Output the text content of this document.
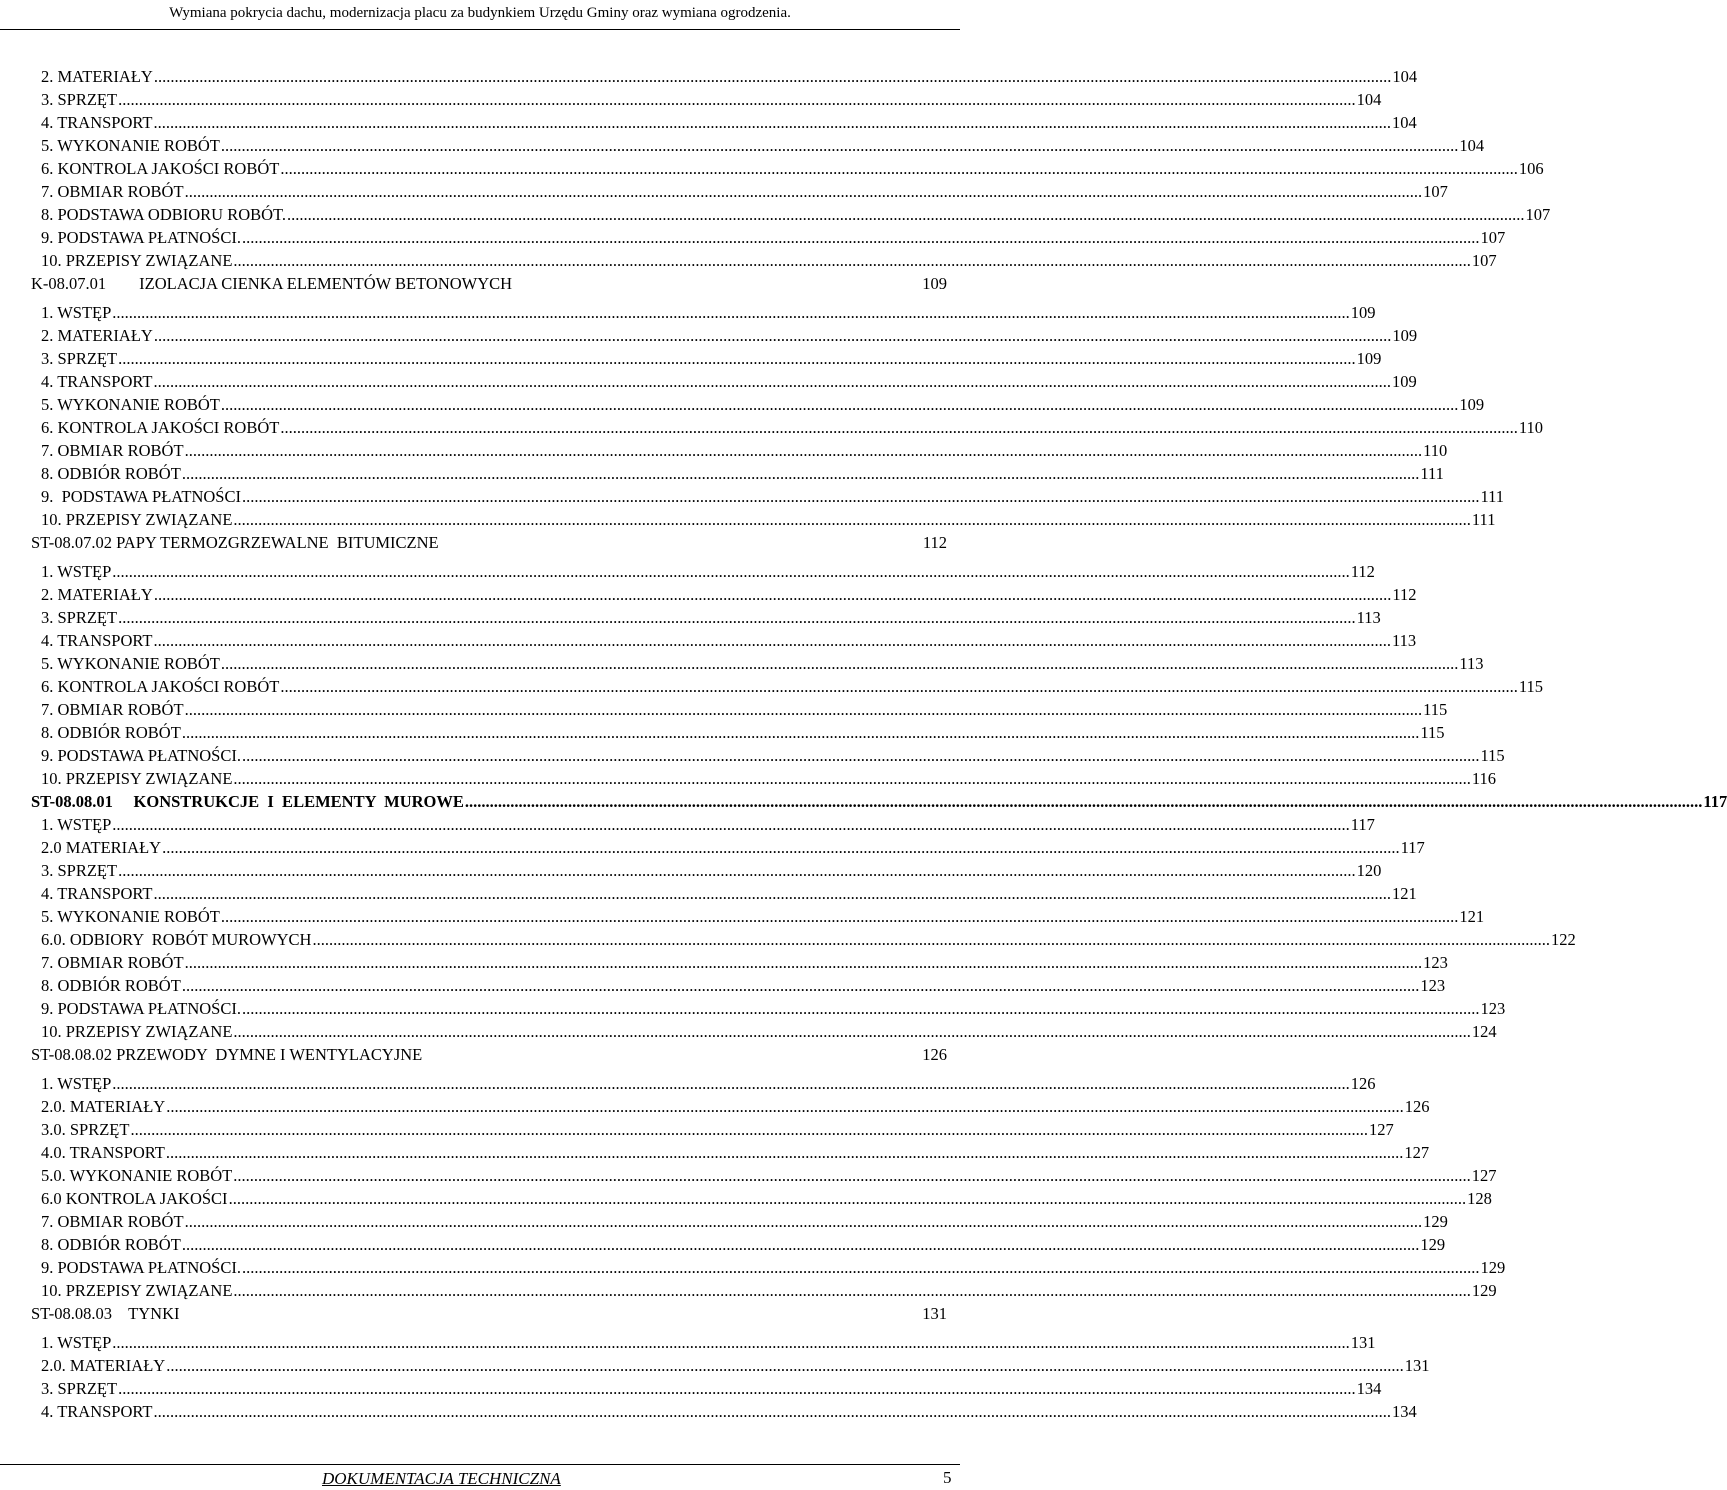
Wymiana pokrycia dachu, modernizacja placu za budynkiem Urzędu Gminy oraz wymiana ogrodzenia.
2. MATERIAŁY ............................................................................................................................................................................................................................................................................................................ 104
3. SPRZĘT ............................................................................................................................................................................................................................................................................................................ 104
4. TRANSPORT ............................................................................................................................................................................................................................................................................................................ 104
5. WYKONANIE ROBÓT ............................................................................................................................................................................................................................................................................................................ 104
6. KONTROLA JAKOŚCI ROBÓT ............................................................................................................................................................................................................................................................................................................ 106
7. OBMIAR ROBÓT ............................................................................................................................................................................................................................................................................................................ 107
8. PODSTAWA ODBIORU ROBÓT. ............................................................................................................................................................................................................................................................................................................ 107
9. PODSTAWA PŁATNOŚCI. ............................................................................................................................................................................................................................................................................................................ 107
10. PRZEPISY ZWIĄZANE ............................................................................................................................................................................................................................................................................................................ 107
K-08.07.01        IZOLACJA CIENKA ELEMENTÓW BETONOWYCH	109
1. WSTĘP ............................................................................................................................................................................................................................................................................................................ 109
2. MATERIAŁY ............................................................................................................................................................................................................................................................................................................ 109
3. SPRZĘT ............................................................................................................................................................................................................................................................................................................ 109
4. TRANSPORT ............................................................................................................................................................................................................................................................................................................ 109
5. WYKONANIE ROBÓT ............................................................................................................................................................................................................................................................................................................ 109
6. KONTROLA JAKOŚCI ROBÓT ............................................................................................................................................................................................................................................................................................................ 110
7. OBMIAR ROBÓT ............................................................................................................................................................................................................................................................................................................ 110
8. ODBIÓR ROBÓT ............................................................................................................................................................................................................................................................................................................ 111
9.  PODSTAWA PŁATNOŚCI ............................................................................................................................................................................................................................................................................................................ 111
10. PRZEPISY ZWIĄZANE ............................................................................................................................................................................................................................................................................................................ 111
ST-08.07.02 PAPY TERMOZGRZEWALNE  BITUMICZNE	112
1. WSTĘP ............................................................................................................................................................................................................................................................................................................ 112
2. MATERIAŁY ............................................................................................................................................................................................................................................................................................................ 112
3. SPRZĘT ............................................................................................................................................................................................................................................................................................................ 113
4. TRANSPORT ............................................................................................................................................................................................................................................................................................................ 113
5. WYKONANIE ROBÓT ............................................................................................................................................................................................................................................................................................................ 113
6. KONTROLA JAKOŚCI ROBÓT ............................................................................................................................................................................................................................................................................................................ 115
7. OBMIAR ROBÓT ............................................................................................................................................................................................................................................................................................................ 115
8. ODBIÓR ROBÓT ............................................................................................................................................................................................................................................................................................................ 115
9. PODSTAWA PŁATNOŚCI. ............................................................................................................................................................................................................................................................................................................ 115
10. PRZEPISY ZWIĄZANE ............................................................................................................................................................................................................................................................................................................ 116
ST-08.08.01     KONSTRUKCJE  I  ELEMENTY  MUROWE ............................................................................................................................................................................................................................................................................................................ 117
1. WSTĘP ............................................................................................................................................................................................................................................................................................................ 117
2.0 MATERIAŁY ............................................................................................................................................................................................................................................................................................................ 117
3. SPRZĘT ............................................................................................................................................................................................................................................................................................................ 120
4. TRANSPORT ............................................................................................................................................................................................................................................................................................................ 121
5. WYKONANIE ROBÓT ............................................................................................................................................................................................................................................................................................................ 121
6.0. ODBIORY  ROBÓT MUROWYCH ............................................................................................................................................................................................................................................................................................................ 122
7. OBMIAR ROBÓT ............................................................................................................................................................................................................................................................................................................ 123
8. ODBIÓR ROBÓT ............................................................................................................................................................................................................................................................................................................ 123
9. PODSTAWA PŁATNOŚCI. ............................................................................................................................................................................................................................................................................................................ 123
10. PRZEPISY ZWIĄZANE ............................................................................................................................................................................................................................................................................................................ 124
ST-08.08.02 PRZEWODY  DYMNE I WENTYLACYJNE	126
1. WSTĘP ............................................................................................................................................................................................................................................................................................................ 126
2.0. MATERIAŁY ............................................................................................................................................................................................................................................................................................................ 126
3.0. SPRZĘT ............................................................................................................................................................................................................................................................................................................ 127
4.0. TRANSPORT ............................................................................................................................................................................................................................................................................................................ 127
5.0. WYKONANIE ROBÓT ............................................................................................................................................................................................................................................................................................................ 127
6.0 KONTROLA JAKOŚCI ............................................................................................................................................................................................................................................................................................................ 128
7. OBMIAR ROBÓT ............................................................................................................................................................................................................................................................................................................ 129
8. ODBIÓR ROBÓT ............................................................................................................................................................................................................................................................................................................ 129
9. PODSTAWA PŁATNOŚCI. ............................................................................................................................................................................................................................................................................................................ 129
10. PRZEPISY ZWIĄZANE ............................................................................................................................................................................................................................................................................................................ 129
ST-08.08.03    TYNKI	131
1. WSTĘP ............................................................................................................................................................................................................................................................................................................ 131
2.0. MATERIAŁY ............................................................................................................................................................................................................................................................................................................ 131
3. SPRZĘT ............................................................................................................................................................................................................................................................................................................ 134
4. TRANSPORT ............................................................................................................................................................................................................................................................................................................ 134
DOKUMENTACJA TECHNICZNA	5
